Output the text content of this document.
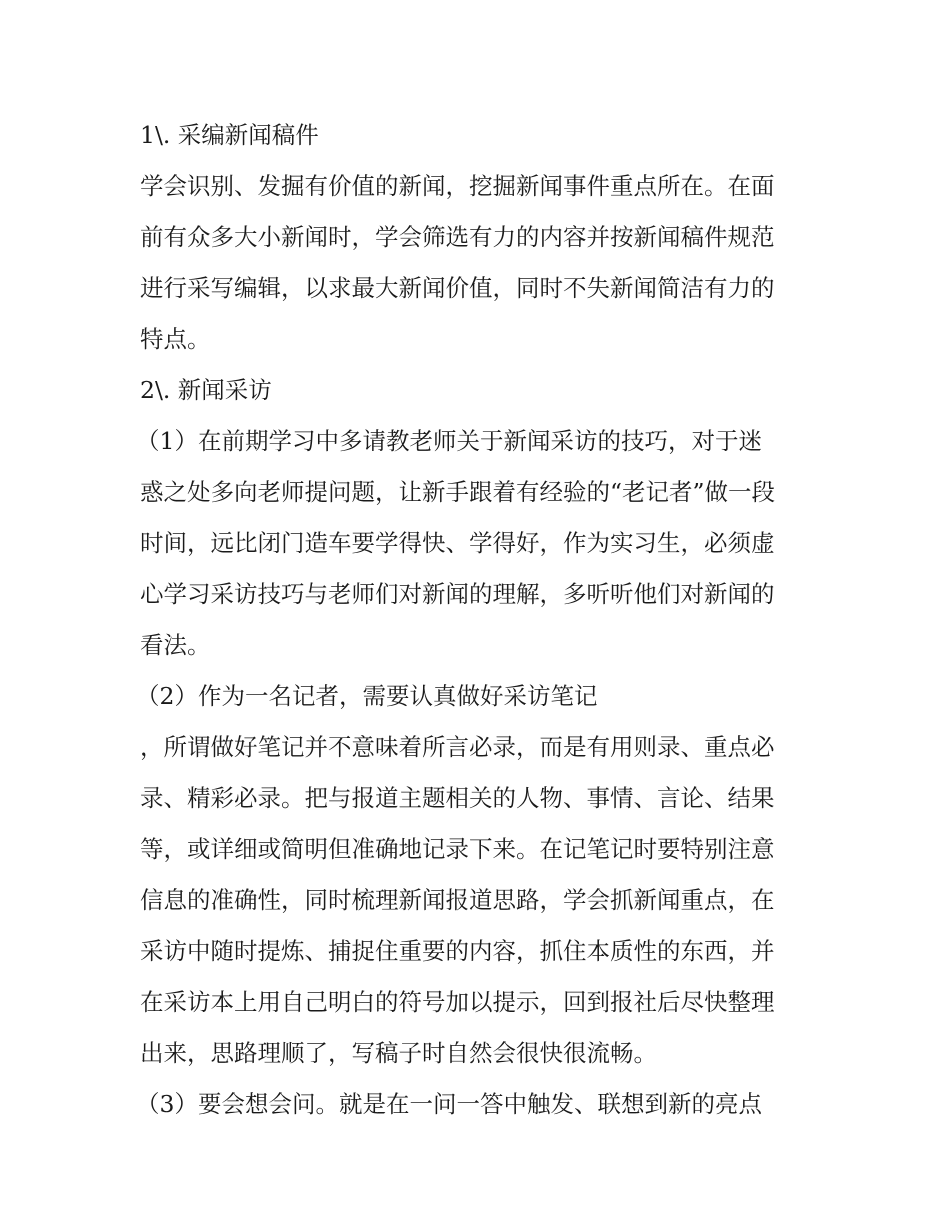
1\. 采编新闻稿件
学会识别、发掘有价值的新闻，挖掘新闻事件重点所在。在面
前有众多大小新闻时，学会筛选有力的内容并按新闻稿件规范
进行采写编辑，以求最大新闻价值，同时不失新闻简洁有力的
特点。
2\. 新闻采访
（1）在前期学习中多请教老师关于新闻采访的技巧，对于迷
惑之处多向老师提问题，让新手跟着有经验的“老记者”做一段
时间，远比闭门造车要学得快、学得好，作为实习生，必须虚
心学习采访技巧与老师们对新闻的理解，多听听他们对新闻的
看法。
（2）作为一名记者，需要认真做好采访笔记
，所谓做好笔记并不意味着所言必录，而是有用则录、重点必
录、精彩必录。把与报道主题相关的人物、事情、言论、结果
等，或详细或简明但准确地记录下来。在记笔记时要特别注意
信息的准确性，同时梳理新闻报道思路，学会抓新闻重点，在
采访中随时提炼、捕捉住重要的内容，抓住本质性的东西，并
在采访本上用自己明白的符号加以提示，回到报社后尽快整理
出来，思路理顺了，写稿子时自然会很快很流畅。
（3）要会想会问。就是在一问一答中触发、联想到新的亮点
